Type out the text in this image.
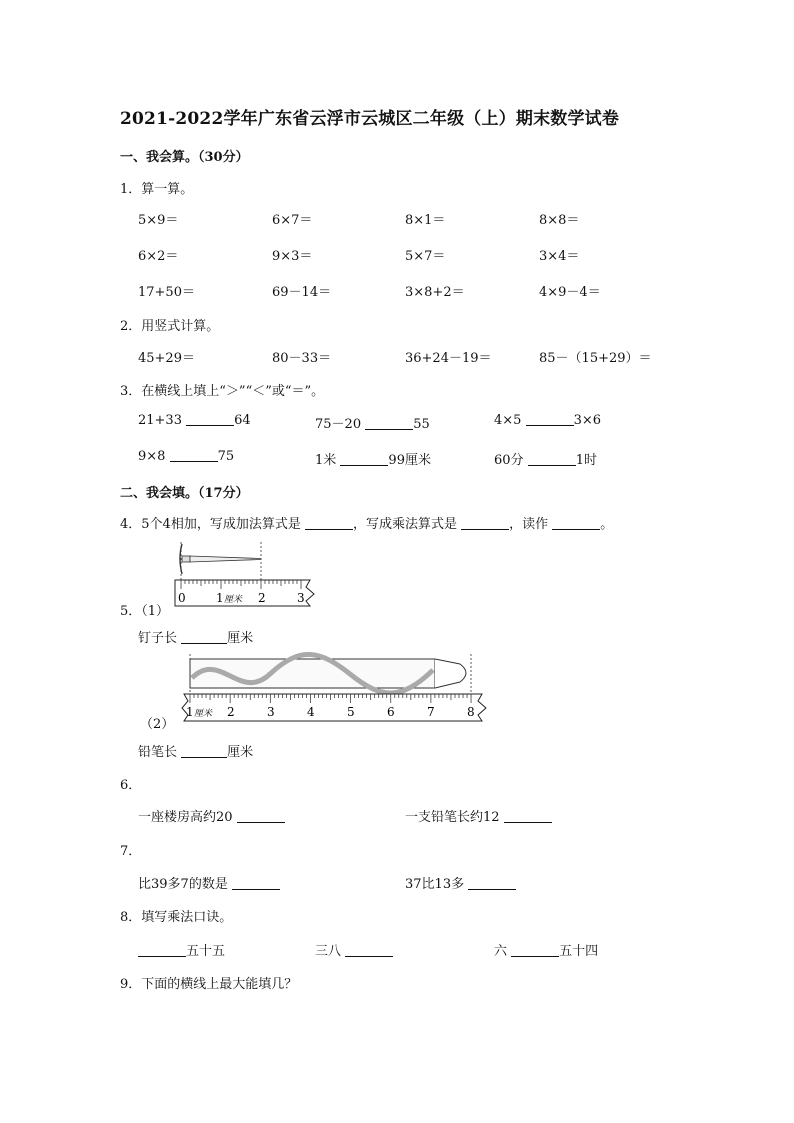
2021-2022学年广东省云浮市云城区二年级（上）期末数学试卷
一、我会算。（30分）
1．算一算。
5×9＝	6×7＝	8×1＝	8×8＝
6×2＝	9×3＝	5×7＝	3×4＝
17+50＝	69－14＝	3×8+2＝	4×9－4＝
2．用竖式计算。
45+29＝	80－33＝	36+24－19＝	85－（15+29）＝
3．在横线上填上“＞”“＜”或“＝”。
21+33	64	75－20	55	4×5	3×6
9×8	75	1米	99厘米	60分	1时
二、我会填。（17分）
4．5个4相加，写成加法算式是	，写成乘法算式是	，读作	。
0	1 厘米 2	3
5．（1）
钉子长	厘米
1 厘米 2	3	4	5	6	7	8
（2）
铅笔长	厘米
6．
一座楼房高约20	一支铅笔长约12
7．
比39多7的数是	37比13多
8．填写乘法口诀。
五十五	三八	六	五十四
9．下面的横线上最大能填几？
